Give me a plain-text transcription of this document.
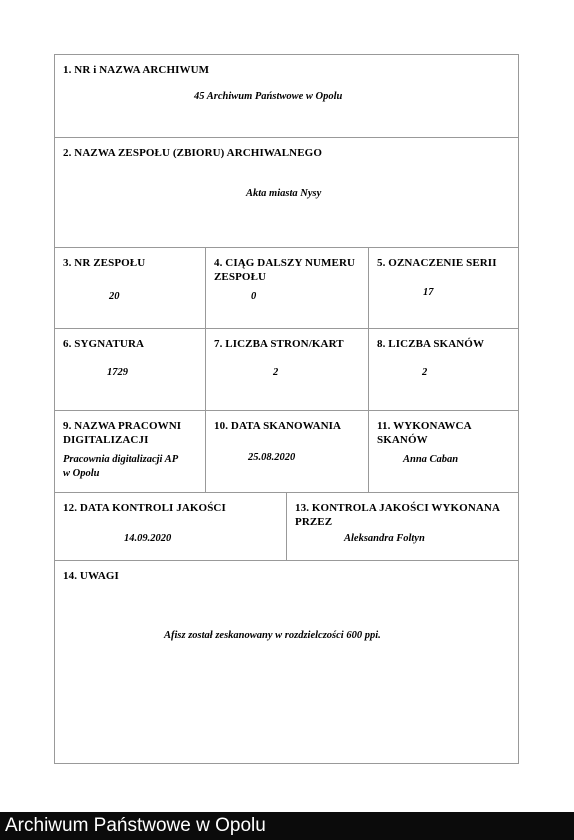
1. NR i NAZWA ARCHIWUM
45 Archiwum Państwowe w Opolu
2. NAZWA ZESPOŁU (ZBIORU) ARCHIWALNEGO
Akta miasta Nysy
3. NR ZESPOŁU
20
4. CIĄG DALSZY NUMERU ZESPOŁU
0
5. OZNACZENIE SERII
17
6. SYGNATURA
1729
7. LICZBA STRON/KART
2
8. LICZBA SKANÓW
2
9. NAZWA PRACOWNI DIGITALIZACJI
Pracownia digitalizacji AP w Opolu
10. DATA SKANOWANIA
25.08.2020
11. WYKONAWCA SKANÓW
Anna Caban
12. DATA KONTROLI JAKOŚCI
14.09.2020
13. KONTROLA JAKOŚCI WYKONANA PRZEZ
Aleksandra Foltyn
14. UWAGI
Afisz został zeskanowany w rozdzielczości 600 ppi.
Archiwum Państwowe w Opolu
